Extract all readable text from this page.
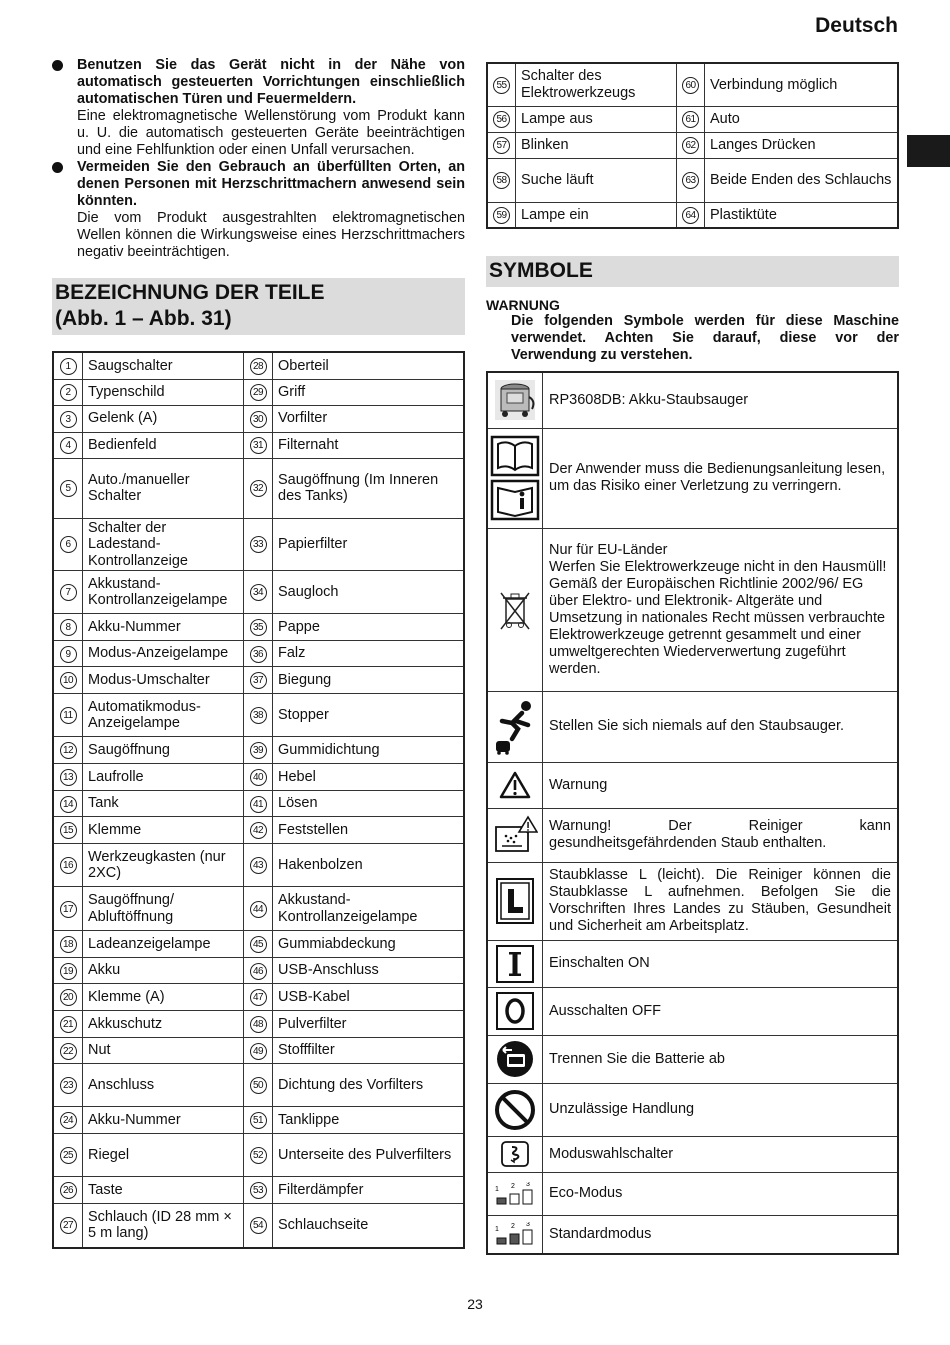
Deutsch
Benutzen Sie das Gerät nicht in der Nähe von automatisch gesteuerten Vorrichtungen einschließlich automatischen Türen und Feuermeldern.
Eine elektromagnetische Wellenstörung vom Produkt kann u. U. die automatisch gesteuerten Geräte beeinträchtigen und eine Fehlfunktion oder einen Unfall verursachen.
Vermeiden Sie den Gebrauch an überfüllten Orten, an denen Personen mit Herzschrittmachern anwesend sein könnten.
Die vom Produkt ausgestrahlten elektromagnetischen Wellen können die Wirkungsweise eines Herzschrittmachers negativ beeinträchtigen.
BEZEICHNUNG DER TEILE
(Abb. 1 – Abb. 31)
1	Saugschalter	28	Oberteil
2	Typenschild	29	Griff
3	Gelenk (A)	30	Vorfilter
4	Bedienfeld	31	Filternaht
5	Auto./manueller Schalter	32	Saugöffnung (Im Inneren des Tanks)
6	Schalter der Ladestand-Kontrollanzeige	33	Papierfilter
7	Akkustand-Kontrollanzeigelampe	34	Saugloch
8	Akku-Nummer	35	Pappe
9	Modus-Anzeigelampe	36	Falz
10	Modus-Umschalter	37	Biegung
11	Automatikmodus-Anzeigelampe	38	Stopper
12	Saugöffnung	39	Gummidichtung
13	Laufrolle	40	Hebel
14	Tank	41	Lösen
15	Klemme	42	Feststellen
16	Werkzeugkasten (nur 2XC)	43	Hakenbolzen
17	Saugöffnung/ Abluftöffnung	44	Akkustand-Kontrollanzeigelampe
18	Ladeanzeigelampe	45	Gummiabdeckung
19	Akku	46	USB-Anschluss
20	Klemme (A)	47	USB-Kabel
21	Akkuschutz	48	Pulverfilter
22	Nut	49	Stofffilter
23	Anschluss	50	Dichtung des Vorfilters
24	Akku-Nummer	51	Tanklippe
25	Riegel	52	Unterseite des Pulverfilters
26	Taste	53	Filterdämpfer
27	Schlauch (ID 28 mm × 5 m lang)	54	Schlauchseite
55	Schalter des Elektrowerkzeugs	60	Verbindung möglich
56	Lampe aus	61	Auto
57	Blinken	62	Langes Drücken
58	Suche läuft	63	Beide Enden des Schlauchs
59	Lampe ein	64	Plastiktüte
SYMBOLE
WARNUNG
Die folgenden Symbole werden für diese Maschine verwendet. Achten Sie darauf, diese vor der Verwendung zu verstehen.

RP3608DB: Akku-Staubsauger

Der Anwender muss die Bedienungsanleitung lesen, um das Risiko einer Verletzung zu verringern.

Nur für EU-Länder
Werfen Sie Elektrowerkzeuge nicht in den Hausmüll!
Gemäß der Europäischen Richtlinie 2002/96/ EG über Elektro- und Elektronik- Altgeräte und Umsetzung in nationales Recht müssen verbrauchte Elektrowerkzeuge getrennt gesammelt und einer umweltgerechten Wiederverwertung zugeführt werden.

Stellen Sie sich niemals auf den Staubsauger.

Warnung

Warnung! Der Reiniger kann gesundheitsgefährdenden Staub enthalten.

Staubklasse L (leicht). Die Reiniger können die Staubklasse L aufnehmen. Befolgen Sie die Vorschriften Ihres Landes zu Stäuben, Gesundheit und Sicherheit am Arbeitsplatz.

Einschalten ON

Ausschalten OFF

Trennen Sie die Batterie ab

Unzulässige Handlung

Moduswahlschalter

1 2 3	Eco-Modus

1 2 3	Standardmodus
23
